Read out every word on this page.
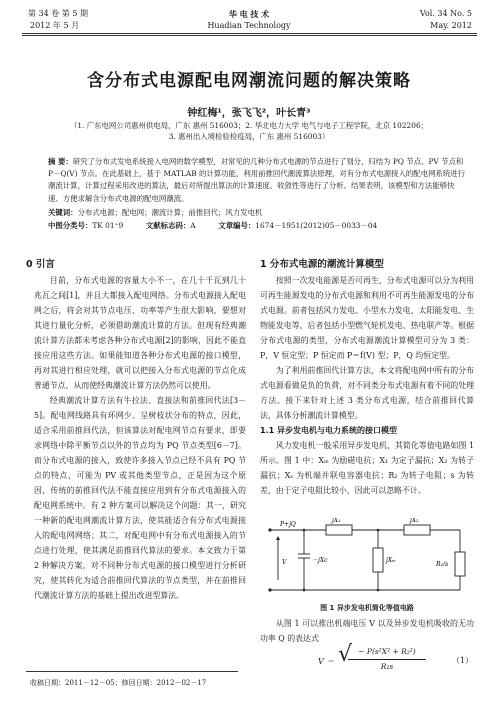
第 34 卷 第 5 期
2012 年 5 月
华 电 技 术
Huadian Technology
Vol. 34 No. 5
May. 2012
含分布式电源配电网潮流问题的解决策略
钟红梅¹，张飞飞²，叶长青³
（1. 广东电网公司惠州供电局，广东 惠州 516003；2. 华北电力大学 电气与电子工程学院，北京 102206；
3. 惠州出入境检验检疫局，广东 惠州 516003）
摘 要：研究了分布式发电系统接入电网的数学模型，对常见的几种分布式电源的节点进行了划分，归结为 PQ 节点、PV 节点和 P－Q(V) 节点。在此基础上，基于 MATLAB 的计算功能，利用前推回代潮流算法原理，对有分布式电源接入的配电网系统进行潮流计算，计算过程采用改进的算法，最后对所提出算法的计算速度、收敛性等进行了分析。结果表明，该模型和方法能够快速、方便求解含分布式电源的配电网潮流。
关键词：分布式电源；配电网；潮流计算；前推回代；风力发电机
中图分类号：TK 01⁺9	文献标志码：A	文章编号：1674－1951(2012)05－0033－04
0 引言

目前，分布式电源的容量大小不一，在几十千瓦到几十兆瓦之间[1]，并且大都接入配电网络。分布式电源接入配电网之后，将会对其节点电压、功率等产生很大影响，要想对其进行量化分析，必须借助潮流计算的方法。但现有经典潮流计算方法都未考虑各种分布式电源[2]的影响，因此不能直接应用这些方法。如果能知道各种分布式电源的接口模型，再对其进行相应处理，就可以把接入分布式电源的节点化成普通节点，从而使经典潮流计算方法仍然可以使用。

经典潮流计算方法有牛拉法、直接法和前推回代法[3－5]。配电网线路具有环网少、呈树枝状分布的特点，因此，适合采用前推回代法，但该算法对配电网节点有要求，即要求网络中除平衡节点以外的节点均为 PQ 节点类型[6－7]。而分布式电源的接入，致使许多接入节点已经不具有 PQ 节点的特点，可能为 PV 或其他类型节点，正是因为这个原因，传统的前推回代法不能直接应用到有分布式电源接入的配电网系统中。有 2 种方案可以解决这个问题：其一，研究一种新的配电网潮流计算方法，使其能适合有分布式电源接入的配电网网络；其二，对配电网中有分布式电源接入的节点进行处理，使其满足前推回代算法的要求。本文致力于第 2 种解决方案，对不同种分布式电源的接口模型进行分析研究，使其转化为适合前推回代算法的节点类型，并在前推回代潮流计算方法的基础上提出改进型算法。

1 分布式电源的潮流计算模型

按照一次发电能源是否可再生，分布式电源可以分为利用可再生能源发电的分布式电源和利用不可再生能源发电的分布式电源。前者包括风力发电、小型水力发电、太阳能发电、生物能发电等，后者包括小型燃气轮机发电、热电联产等。根据分布式电源的类型，分布式电源潮流计算模型可分为 3 类：P，V 恒定型；P 恒定而 P＝f(V) 型；P，Q 均恒定型。

为了利用前推回代计算方法，本文将配电网中所有的分布式电源看做是负的负荷，对不同类分布式电源有着不同的处理方法。接下来针对上述 3 类分布式电源，结合前推回代算法，具体分析潮流计算模型。

1.1 异步发电机与电力系统的接口模型

风力发电机一般采用异步发电机，其简化等值电路如图 1 所示。图 1 中：Xₘ 为励磁电抗；X₁ 为定子漏抗；X₂ 为转子漏抗；Xₛ 为机端并联电容器电抗；R₂ 为转子电阻；s 为转差，由于定子电阻比较小，因此可以忽略不计。

P+jQ
jX₁	jX₂
－jXc	jXₘ
R₂/s
V
图 1 异步发电机简化等值电路

从图 1 可以推出机端电压 V 以及异步发电机吸收的无功功率 Q 的表达式

V ＝
− P(s²X² + R₂²)
R₂s
√	（1）
收稿日期：2011－12－05；修回日期：2012－02－17
